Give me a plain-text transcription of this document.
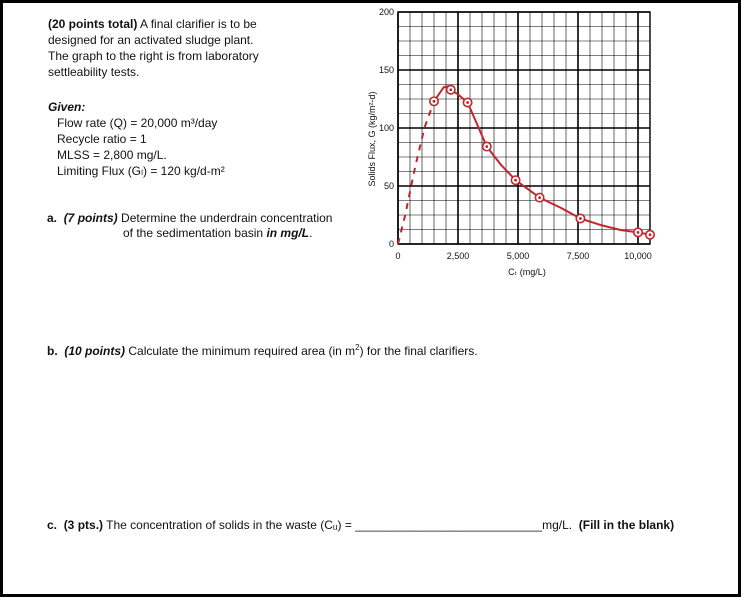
(20 points total) A final clarifier is to be
designed for an activated sludge plant.
The graph to the right is from laboratory
settleability tests.
Given:
Flow rate (Q) = 20,000 m³/day
Recycle ratio = 1
MLSS = 2,800 mg/L.
Limiting Flux (Gₗ) = 120 kg/d-m²
a. (7 points) Determine the underdrain concentration
of the sedimentation basin in mg/L.
b. (10 points) Calculate the minimum required area (in $m^2$) for the final clarifiers.
c. (3 pts.) The concentration of solids in the waste (Cᵤ) = ____________________________mg/L. (Fill in the blank)
0
50
100
150
200
0	2,500	5,000	7,500	10,000
Solids Flux, G (kg/m²-d)
Cₜ (mg/L)
